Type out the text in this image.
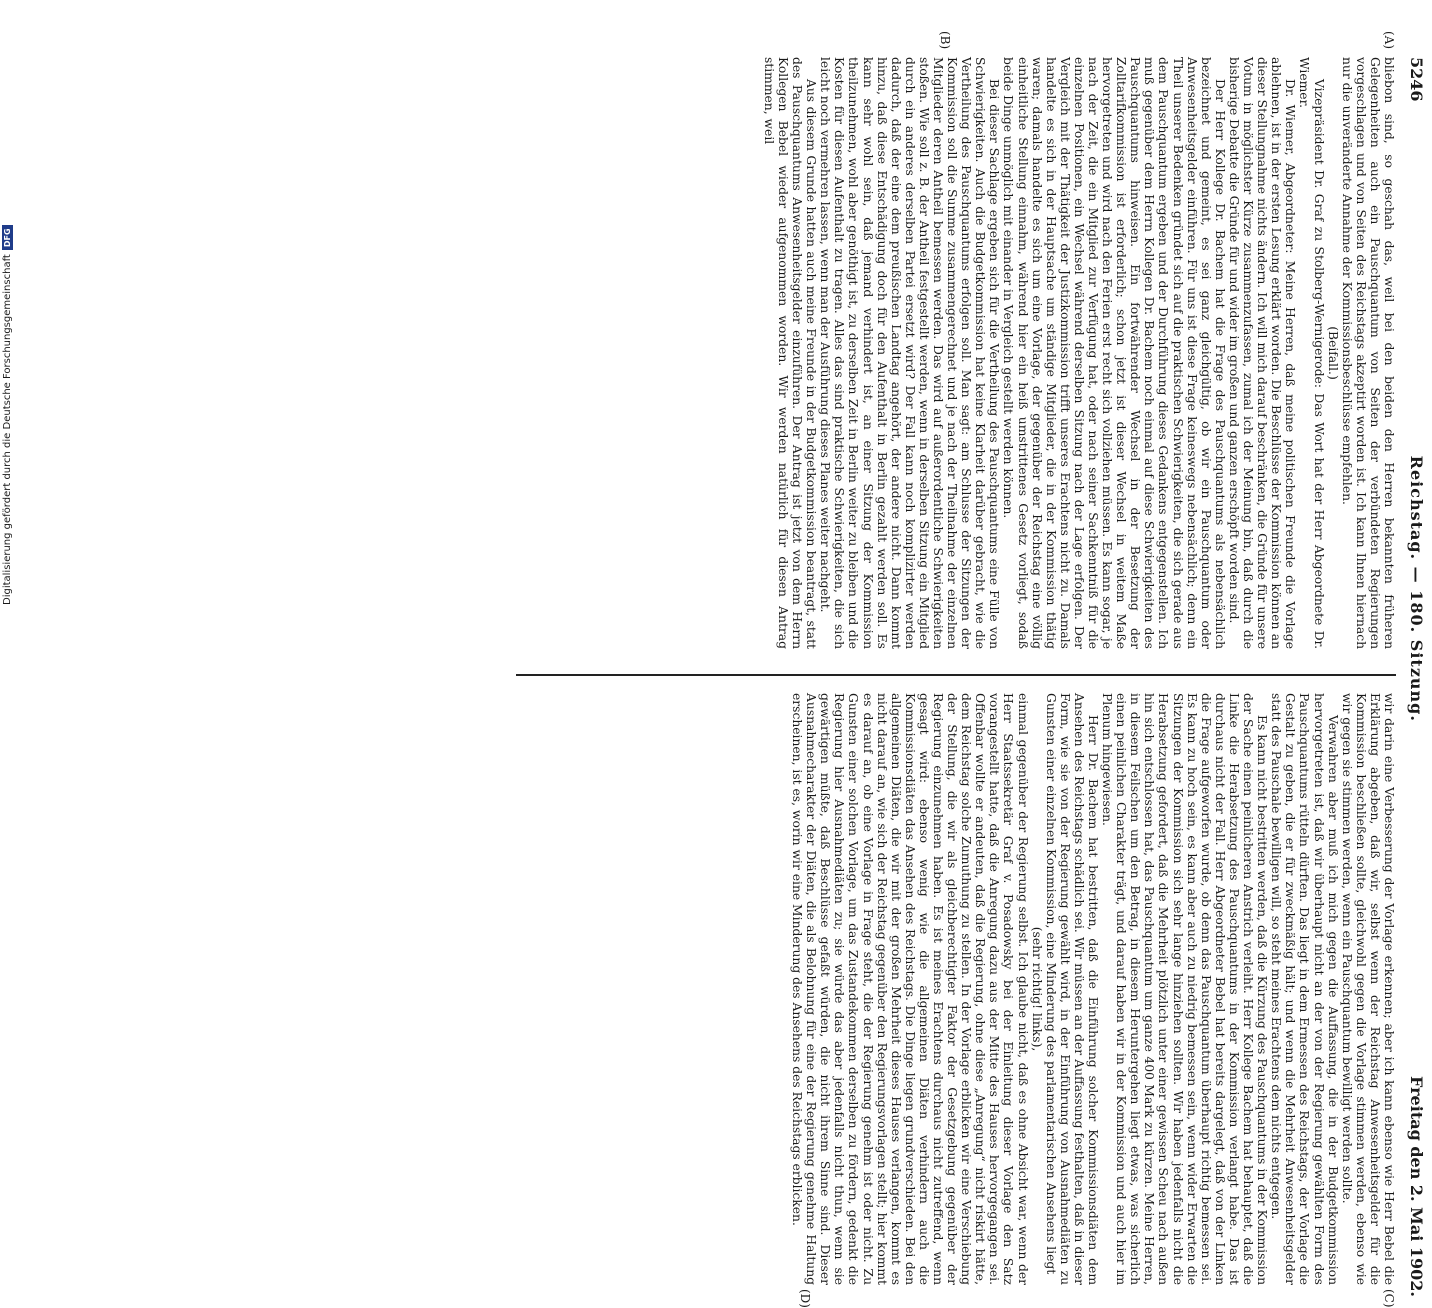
5246
Reichstag. — 180. Sitzung.
Freitag den 2. Mai 1902.

bliebon sind, so geschah das, weil bei den beiden den Herren bekannten früheren Gelegenheiten auch ein Pauschquantum von Seiten der verbündeten Regierungen vorgeschlagen und von Seiten des Reichstags akzeptirt worden ist. Ich kann Ihnen hiernach nur die unveränderte Annahme der Kommissionsbeschlüsse empfehlen.

(Beifall.)

Vizepräsident Dr. Graf zu Stolberg-Wernigerode: Das Wort hat der Herr Abgeordnete Dr. Wiemer.

Dr. Wiemer, Abgeordneter: Meine Herren, daß meine politischen Freunde die Vorlage ablehnen, ist in der ersten Lesung erklärt worden. Die Beschlüsse der Kommission können an dieser Stellungnahme nichts ändern. Ich will mich darauf beschränken, die Gründe für unsere Votum in möglichster Kürze zusammenzufassen, zumal ich der Meinung bin, daß durch die bisherige Debatte die Gründe für und wider im großen und ganzen erschöpft worden sind.

Der Herr Kollege Dr. Bachem hat die Frage des Pauschquantums als nebensächlich bezeichnet und gemeint, es sei ganz gleichgültig, ob wir ein Pauschquantum oder Anwesenheitsgelder einführen. Für uns ist diese Frage keineswegs nebensächlich; denn ein Theil unserer Bedenken gründet sich auf die praktischen Schwierigkeiten, die sich gerade aus dem Pauschquantum ergeben und der Durchführung dieses Gedankens entgegenstellen. Ich muß gegenüber dem Herrn Kollegen Dr. Bachem noch einmal auf diese Schwierigkeiten des Pauschquantums hinweisen. Ein fortwährender Wechsel in der Besetzung der Zolltarifkommission ist erforderlich; schon jetzt ist dieser Wechsel in weitem Maße hervorgetreten und wird nach den Ferien erst recht sich vollziehen müssen. Es kann sogar, je nach der Zeit, die ein Mitglied zur Verfügung hat, oder nach seiner Sachkenntniß für die einzelnen Positionen, ein Wechsel während derselben Sitzung nach der Lage erfolgen. Der Vergleich mit der Thätigkeit der Justizkommission trifft unseres Erachtens nicht zu. Damals handelte es sich in der Hauptsache um ständige Mitglieder, die in der Kommission thätig waren; damals handelte es sich um eine Vorlage, der gegenüber der Reichstag eine völlig einheitliche Stellung einnahm, während hier ein heiß umstrittenes Gesetz vorliegt, sodaß beide Dinge unmöglich mit einander in Vergleich gestellt werden können.

Bei dieser Sachlage ergeben sich für die Vertheilung des Pauschquantums eine Fülle von Schwierigkeiten. Auch die Budgetkommission hat keine Klarheit darüber gebracht, wie die Vertheilung des Pauschquantums erfolgen soll. Man sagt: am Schlusse der Sitzungen der Kommission soll die Summe zusammengerechnet und je nach der Theilnahme der einzelnen Mitglieder deren Antheil bemessen werden. Das wird auf außerordentliche Schwierigkeiten stoßen. Wie soll z. B. der Antheil festgestellt werden, wenn in derselben Sitzung ein Mitglied durch ein anderes derselben Partei ersetzt wird? Der Fall kann noch komplizirter werden dadurch, daß der eine dem preußischen Landtag angehört, der andere nicht. Dann kommt hinzu, daß diese Entschädigung doch für den Aufenthalt in Berlin gezahlt werden soll. Es kann sehr wohl sein, daß jemand verhindert ist, an einer Sitzung der Kommission theilzunehmen, wohl aber genöthigt ist, zu derselben Zeit in Berlin weiter zu bleiben und die Kosten für diesen Aufenthalt zu tragen. Alles das sind praktische Schwierigkeiten, die sich leicht noch vermehren lassen, wenn man der Ausführung dieses Planes weiter nachgeht.

Aus diesem Grunde hatten auch meine Freunde in der Budgetkommission beantragt, statt des Pauschquantums Anwesenheitsgelder einzuführen. Der Antrag ist jetzt von dem Herrn Kollegen Bebel wieder aufgenommen worden. Wir werden natürlich für diesen Antrag stimmen, weil

wir darin eine Verbesserung der Vorlage erkennen; aber ich kann ebenso wie Herr Bebel die Erklärung abgeben, daß wir, selbst wenn der Reichstag Anwesenheitsgelder für die Kommission beschließen sollte, gleichwohl gegen die Vorlage stimmen werden, ebenso wie wir gegen sie stimmen werden, wenn ein Pauschquantum bewilligt werden sollte.

Verwahren aber muß ich mich gegen die Auffassung, die in der Budgetkommission hervorgetreten ist, daß wir überhaupt nicht an der von der Regierung gewählten Form des Pauschquantums rütteln dürften. Das liegt in dem Ermessen des Reichstags, der Vorlage die Gestalt zu geben, die er für zweckmäßig hält; und wenn die Mehrheit Anwesenheitsgelder statt des Pauschale bewilligen will, so steht meines Erachtens dem nichts entgegen.

Es kann nicht bestritten werden, daß die Kürzung des Pauschquantums in der Kommission der Sache einen peinlicheren Anstrich verleiht. Herr Kollege Bachem hat behauptet, daß die Linke die Herabsetzung des Pauschquantums in der Kommission verlangt habe. Das ist durchaus nicht der Fall. Herr Abgeordneter Bebel hat bereits dargelegt, daß von der Linken die Frage aufgeworfen wurde, ob denn das Pauschquantum überhaupt richtig bemessen sei. Es kann zu hoch sein, es kann aber auch zu niedrig bemessen sein, wenn wider Erwarten die Sitzungen der Kommission sich sehr lange hinziehen sollten. Wir haben jedenfalls nicht die Herabsetzung gefordert, daß die Mehrheit plötzlich unter einer gewissen Scheu nach außen hin sich entschlossen hat, das Pauschquantum um ganze 400 Mark zu kürzen. Meine Herren, in diesem Feilschen um den Betrag, in diesem Heruntergehen liegt etwas, was sicherlich einen peinlichen Charakter trägt, und darauf haben wir in der Kommission und auch hier im Plenum hingewiesen.

Herr Dr. Bachem hat bestritten, daß die Einführung solcher Kommissionsdiäten dem Ansehen des Reichstags schädlich sei. Wir müssen an der Auffassung festhalten, daß in dieser Form, wie sie von der Regierung gewählt wird, in der Einführung von Ausnahmediäten zu Gunsten einer einzelnen Kommission, eine Minderung des parlamentarischen Ansehens liegt

(sehr richtig! links),

einmal gegenüber der Regierung selbst. Ich glaube nicht, daß es ohne Absicht war, wenn der Herr Staatssekretär Graf v. Posadowsky bei der Einleitung dieser Vorlage den Satz vorangestellt hatte, daß die Anregung dazu aus der Mitte des Hauses hervorgegangen sei. Offenbar wollte er andeuten, daß die Regierung, ohne diese „Anregung“ nicht riskirt hätte, dem Reichstag solche Zumuthung zu stellen. In der Vorlage erblicken wir eine Verschiebung der Stellung, die wir als gleichberechtigter Faktor der Gesetzgebung gegenüber der Regierung einzunehmen haben. Es ist meines Erachtens durchaus nicht zutreffend, wenn gesagt wird: ebenso wenig wie die allgemeinen Diäten verhindern auch die Kommissionsdiäten das Ansehen des Reichstags. Die Dinge liegen grundverschieden. Bei den allgemeinen Diäten, die wir mit der großen Mehrheit dieses Hauses verlangen, kommt es nicht darauf an, wie sich der Reichstag gegenüber den Regierungsvorlagen stellt; hier kommt es darauf an, ob eine Vorlage in Frage steht, die der Regierung genehm ist oder nicht. Zu Gunsten einer solchen Vorlage, um das Zustandekommen derselben zu fördern, gedenkt die Regierung hier Ausnahmediäten zu; sie würde das aber jedenfalls nicht thun, wenn sie gewärtigen müßte, daß Beschlüsse gefaßt würden, die nicht ihrem Sinne sind. Dieser Ausnahmecharakter der Diäten, die als Belohnung für eine der Regierung genehme Haltung erscheinen, ist es, worin wir eine Minderung des Ansehens des Reichstags erblicken.

(A)
(B)
(C)
(D)
Digitalisierung gefördert durch die Deutsche Forschungsgemeinschaft
DFG
